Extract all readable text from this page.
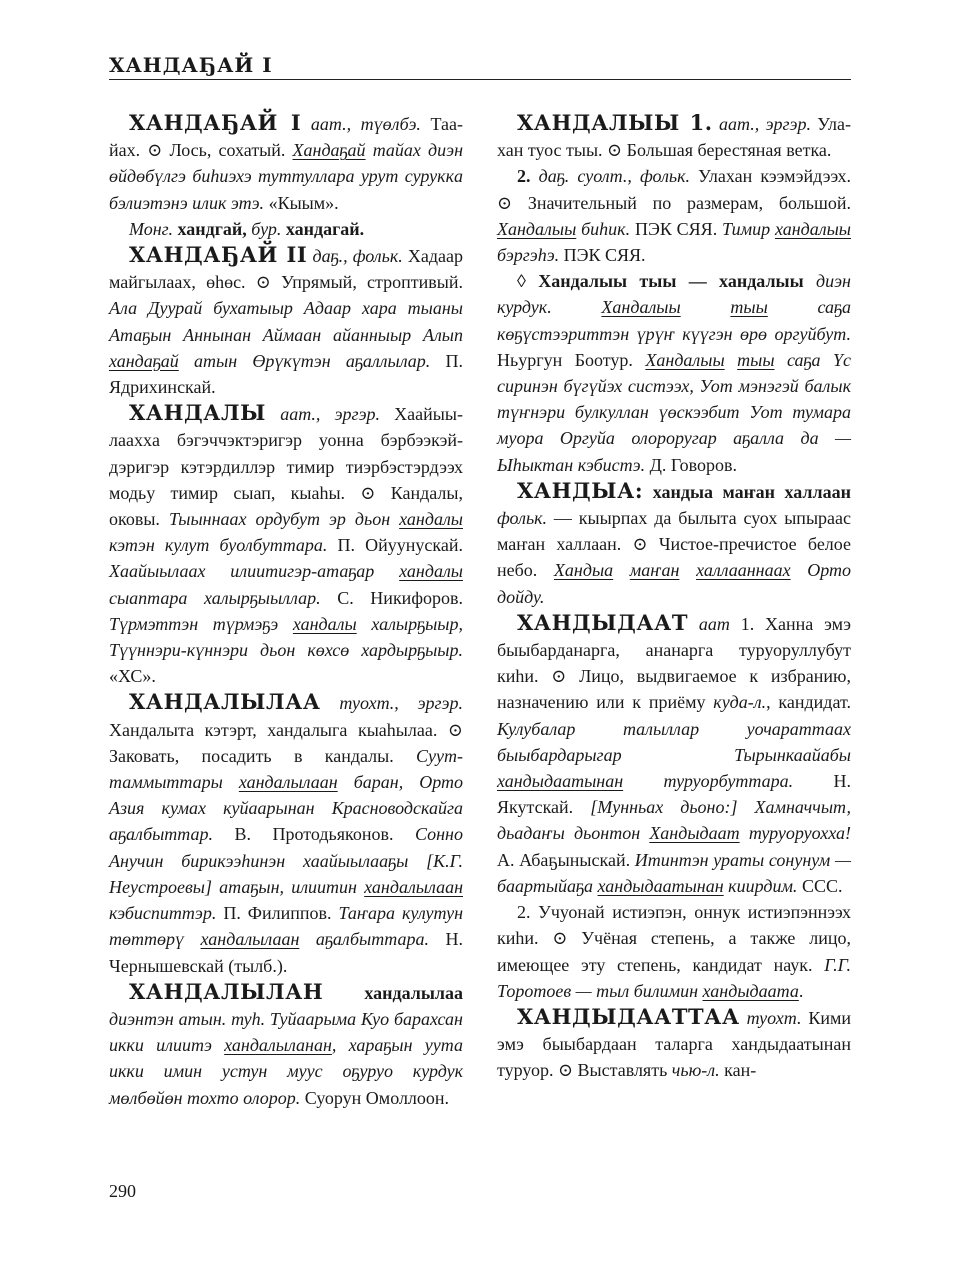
ХАНДАҔАЙ I

ХАНДАҔАЙ I аат., түөлбэ. Таайах. ⊙ Лось, сохатый. Хандаҕай тайах диэн өйдөбүлгэ биһиэхэ туттуллара урут суруккa бэлиэтэнэ илик этэ. «Кыым».

Монг. хандгай, бур. хандагай.

ХАНДАҔАЙ II даҕ., фольк. Хадаар майгылаах, өһөс. ⊙ Упрямый, строптивый. Ала Дуурай бухатыыр Адаар хара тыаны Атаҕын Аннынан Аймаан айанныыр Алып хандаҕай атын Өрүкүтэн аҕаллылар. П. Ядрихинскай.

ХАНДАЛЫ аат., эргэр. Хаайыылааххa бэгэччэктэригэр уонна бэрбээкэйдэригэр кэтэрдиллэр тимир тиэрбэстэрдээх модьу тимир сыап, кыаһы. ⊙ Кандалы, оковы. Тыыннаах ордубут эр дьон хандалы кэтэн кулут буолбуттара. П. Ойуунускай. Хаайыылаах илиитигэр-атаҕар хандалы сыаптара халырҕыыллар. С. Никифоров. Түрмэттэн түрмэҕэ хандалы халырҕыыр, Түүннэри-күннэри дьон көхсө хардырҕыыр. «ХС».

ХАНДАЛЫЛАА туохт., эргэр. Хандалыта кэтэрт, хандалыга кыаһылаа. ⊙ Заковать, посадить в кандалы. Сууттаммыттары хандалылаан баран, Орто Азия кумах куйаарынан Красноводскайга аҕалбыттар. В. Протодьяконов. Сонно Анучин бирикээһинэн хаайыылааҕы [К.Г. Неустроевы] атаҕын, илиитин хандалылаан кэбиспиттэр. П. Филиппов. Таҥара кулутун төттөрү хандалылаан аҕалбыттара. Н. Чернышевскай (тылб.).

ХАНДАЛЫЛАН хандалылаа диэнтэн атын. туһ. Туйаарыма Куо барахсан икки илиитэ хандалыланан, хараҕын уута икки имин устун муус оҕуруо курдук мөлбөйөн тохто олорор. Суорун Омоллоон.

ХАНДАЛЫЫ 1. аат., эргэр. Улахан туос тыы. ⊙ Большая берестяная ветка.

2. даҕ. суолт., фольк. Улахан кээмэйдээх. ⊙ Значительный по размерам, большой. Хандалыы биһик. ПЭК СЯЯ. Тимир хандалыы бэргэһэ. ПЭК СЯЯ.

◊ Хандалыы тыы — хандалыы диэн курдук. Хандалыы	тыы саҕа көҕүстээриттэн үрүҥ күүгэн өрө оргуйбут. Ньургун Боотур. Хандалыы тыы саҕа Үс сиринэн бүгүйэх систээх, Уот мэнэгэй балык түҥнэри булкуллан үөскээбит Уот тумара муора Оргуйа олороругар аҕалла да — Ыһыктан кэбистэ. Д. Говоров.

ХАНДЫА: хандыа маҥан халлаан фольк. — кыырпах да былыта суох ыпыраас маҥан халлаан. ⊙ Чистое-пречистое белое небо. Хандыа маҥан халлааннаах Орто дойду.

ХАНДЫДААТ аат 1. Ханна эмэ быыбарданарга, ананарга туруоруллубут киһи. ⊙ Лицо, выдвигаемое к избранию, назначению или к приёму куда-л., кандидат. Кулубалар талыллар уочараттаах быыбардарыгар Тырынкаайабы хандыдаатынан туруорбуттара. Н. Якутскай. [Мунньах дьоно:] Хамначчыт, дьадаҥы дьонтон Хандыдаат туруоруохха! А. Абаҕыныскай. Итинтэн ураты сонунум — баартыйаҕа хандыдаатынан киирдим. ССС.

2. Учуонай истиэпэн, оннук истиэпэннээх киһи. ⊙ Учёная степень, а также лицо, имеющее эту степень, кандидат наук. Г.Г. Торотоев — тыл билимин хандыдаата.

ХАНДЫДААТТАА туохт. Кими эмэ быыбардаан таларга хандыдаатынан туруор. ⊙ Выставлять чью-л. кан-

290
